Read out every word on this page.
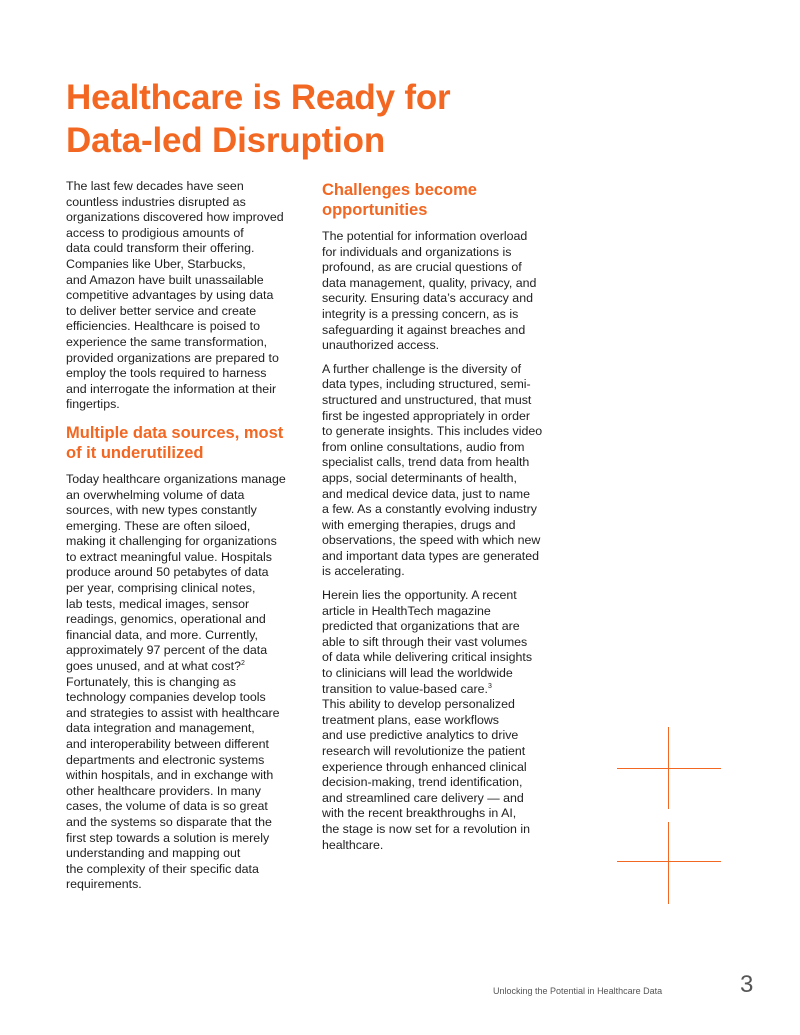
Healthcare is Ready for
Data-led Disruption

The last few decades have seen
countless industries disrupted as
organizations discovered how improved
access to prodigious amounts of
data could transform their offering.
Companies like Uber, Starbucks,
and Amazon have built unassailable
competitive advantages by using data
to deliver better service and create
efficiencies. Healthcare is poised to
experience the same transformation,
provided organizations are prepared to
employ the tools required to harness
and interrogate the information at their
fingertips.

Multiple data sources, most
of it underutilized

Today healthcare organizations manage
an overwhelming volume of data
sources, with new types constantly
emerging. These are often siloed,
making it challenging for organizations
to extract meaningful value. Hospitals
produce around 50 petabytes of data
per year, comprising clinical notes,
lab tests, medical images, sensor
readings, genomics, operational and
financial data, and more. Currently,
approximately 97 percent of the data
goes unused, and at what cost?$^2$
Fortunately, this is changing as
technology companies develop tools
and strategies to assist with healthcare
data integration and management,
and interoperability between different
departments and electronic systems
within hospitals, and in exchange with
other healthcare providers. In many
cases, the volume of data is so great
and the systems so disparate that the
first step towards a solution is merely
understanding and mapping out
the complexity of their specific data
requirements.

Challenges become
opportunities

The potential for information overload
for individuals and organizations is
profound, as are crucial questions of
data management, quality, privacy, and
security. Ensuring data’s accuracy and
integrity is a pressing concern, as is
safeguarding it against breaches and
unauthorized access.

A further challenge is the diversity of
data types, including structured, semi-
structured and unstructured, that must
first be ingested appropriately in order
to generate insights. This includes video
from online consultations, audio from
specialist calls, trend data from health
apps, social determinants of health,
and medical device data, just to name
a few. As a constantly evolving industry
with emerging therapies, drugs and
observations, the speed with which new
and important data types are generated
is accelerating.

Herein lies the opportunity. A recent
article in HealthTech magazine
predicted that organizations that are
able to sift through their vast volumes
of data while delivering critical insights
to clinicians will lead the worldwide
transition to value-based care.$^3$
This ability to develop personalized
treatment plans, ease workflows
and use predictive analytics to drive
research will revolutionize the patient
experience through enhanced clinical
decision-making, trend identification,
and streamlined care delivery — and
with the recent breakthroughs in AI,
the stage is now set for a revolution in
healthcare.

Unlocking the Potential in Healthcare Data	3
